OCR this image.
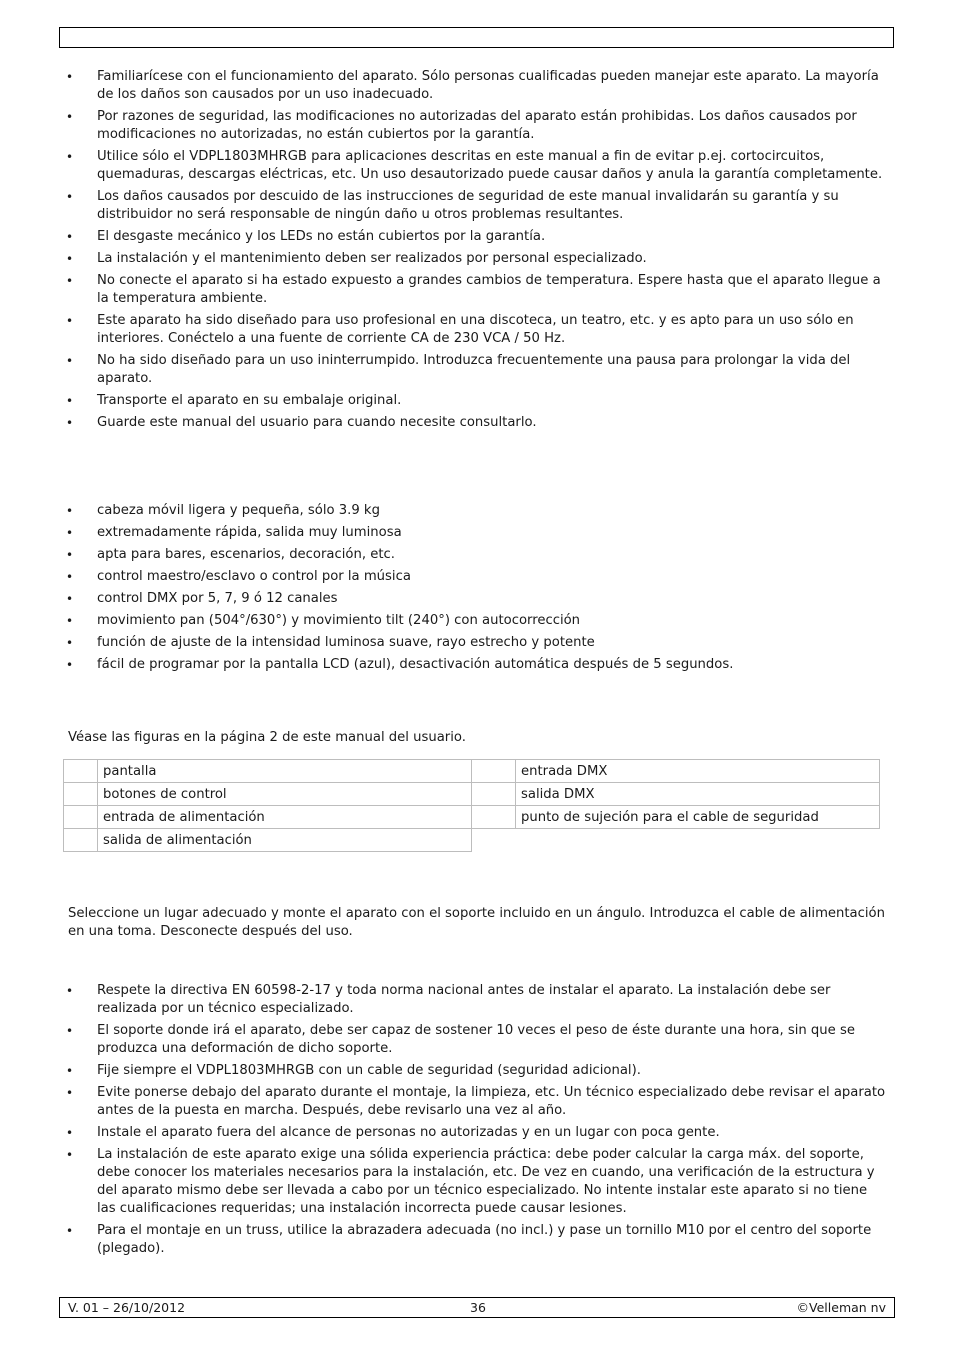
• Familiarícese con el funcionamiento del aparato. Sólo personas cualificadas pueden manejar este aparato. La mayoría de los daños son causados por un uso inadecuado.
• Por razones de seguridad, las modificaciones no autorizadas del aparato están prohibidas. Los daños causados por modificaciones no autorizadas, no están cubiertos por la garantía.
• Utilice sólo el VDPL1803MHRGB para aplicaciones descritas en este manual a fin de evitar p.ej. cortocircuitos, quemaduras, descargas eléctricas, etc. Un uso desautorizado puede causar daños y anula la garantía completamente.
• Los daños causados por descuido de las instrucciones de seguridad de este manual invalidarán su garantía y su distribuidor no será responsable de ningún daño u otros problemas resultantes.
• El desgaste mecánico y los LEDs no están cubiertos por la garantía.
• La instalación y el mantenimiento deben ser realizados por personal especializado.
• No conecte el aparato si ha estado expuesto a grandes cambios de temperatura. Espere hasta que el aparato llegue a la temperatura ambiente.
• Este aparato ha sido diseñado para uso profesional en una discoteca, un teatro, etc. y es apto para un uso sólo en interiores. Conéctelo a una fuente de corriente CA de 230 VCA / 50 Hz.
• No ha sido diseñado para un uso ininterrumpido. Introduzca frecuentemente una pausa para prolongar la vida del aparato.
• Transporte el aparato en su embalaje original.
• Guarde este manual del usuario para cuando necesite consultarlo.
• cabeza móvil ligera y pequeña, sólo 3.9 kg
• extremadamente rápida, salida muy luminosa
• apta para bares, escenarios, decoración, etc.
• control maestro/esclavo o control por la música
• control DMX por 5, 7, 9 ó 12 canales
• movimiento pan (504°/630°) y movimiento tilt (240°) con autocorrección
• función de ajuste de la intensidad luminosa suave, rayo estrecho y potente
• fácil de programar por la pantalla LCD (azul), desactivación automática después de 5 segundos.

Véase las figuras en la página 2 de este manual del usuario.

	pantalla		entrada DMX
	botones de control		salida DMX
	entrada de alimentación		punto de sujeción para el cable de seguridad
	salida de alimentación		

Seleccione un lugar adecuado y monte el aparato con el soporte incluido en un ángulo. Introduzca el cable de alimentación en una toma. Desconecte después del uso.

• Respete la directiva EN 60598-2-17 y toda norma nacional antes de instalar el aparato. La instalación debe ser realizada por un técnico especializado.
• El soporte donde irá el aparato, debe ser capaz de sostener 10 veces el peso de éste durante una hora, sin que se produzca una deformación de dicho soporte.
• Fije siempre el VDPL1803MHRGB con un cable de seguridad (seguridad adicional).
• Evite ponerse debajo del aparato durante el montaje, la limpieza, etc. Un técnico especializado debe revisar el aparato antes de la puesta en marcha. Después, debe revisarlo una vez al año.
• Instale el aparato fuera del alcance de personas no autorizadas y en un lugar con poca gente.
• La instalación de este aparato exige una sólida experiencia práctica: debe poder calcular la carga máx. del soporte, debe conocer los materiales necesarios para la instalación, etc. De vez en cuando, una verificación de la estructura y del aparato mismo debe ser llevada a cabo por un técnico especializado. No intente instalar este aparato si no tiene las cualificaciones requeridas; una instalación incorrecta puede causar lesiones.
• Para el montaje en un truss, utilice la abrazadera adecuada (no incl.) y pase un tornillo M10 por el centro del soporte (plegado).
V. 01 – 26/10/2012	36	©Velleman nv
